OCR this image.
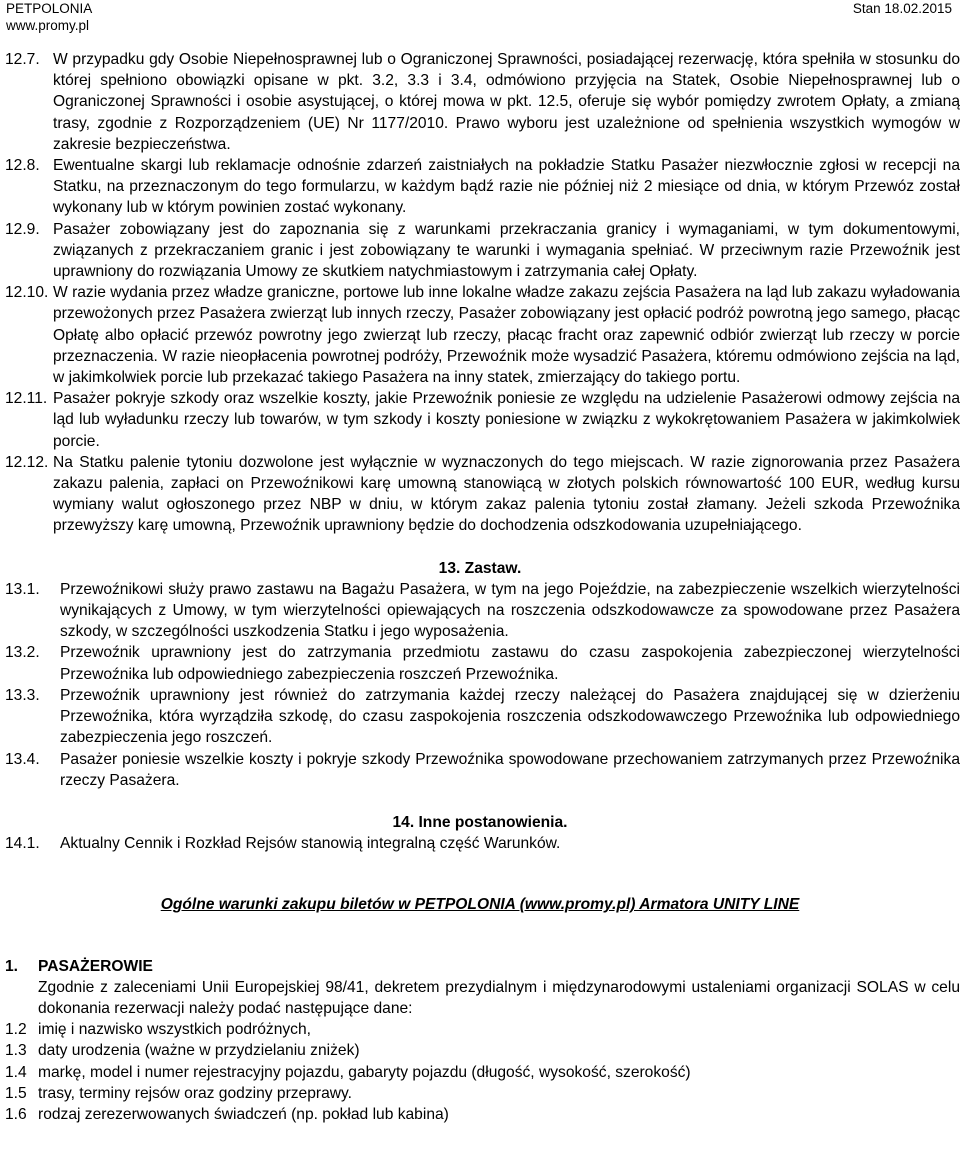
PETPOLONIA
www.promy.pl
Stan 18.02.2015
12.7. W przypadku gdy Osobie Niepełnosprawnej lub o Ograniczonej Sprawności, posiadającej rezerwację, która spełniła w stosunku do której spełniono obowiązki opisane w pkt. 3.2, 3.3 i 3.4, odmówiono przyjęcia na Statek, Osobie Niepełnosprawnej lub o Ograniczonej Sprawności i osobie asystującej, o której mowa w pkt. 12.5, oferuje się wybór pomiędzy zwrotem Opłaty, a zmianą trasy, zgodnie z Rozporządzeniem (UE) Nr 1177/2010. Prawo wyboru jest uzależnione od spełnienia wszystkich wymogów w zakresie bezpieczeństwa.
12.8. Ewentualne skargi lub reklamacje odnośnie zdarzeń zaistniałych na pokładzie Statku Pasażer niezwłocznie zgłosi w recepcji na Statku, na przeznaczonym do tego formularzu, w każdym bądź razie nie później niż 2 miesiące od dnia, w którym Przewóz został wykonany lub w którym powinien zostać wykonany.
12.9. Pasażer zobowiązany jest do zapoznania się z warunkami przekraczania granicy i wymaganiami, w tym dokumentowymi, związanych z przekraczaniem granic i jest zobowiązany te warunki i wymagania spełniać. W przeciwnym razie Przewoźnik jest uprawniony do rozwiązania Umowy ze skutkiem natychmiastowym i zatrzymania całej Opłaty.
12.10. W razie wydania przez władze graniczne, portowe lub inne lokalne władze zakazu zejścia Pasażera na ląd lub zakazu wyładowania przewożonych przez Pasażera zwierząt lub innych rzeczy, Pasażer zobowiązany jest opłacić podróż powrotną jego samego, płacąc Opłatę albo opłacić przewóz powrotny jego zwierząt lub rzeczy, płacąc fracht oraz zapewnić odbiór zwierząt lub rzeczy w porcie przeznaczenia. W razie nieopłacenia powrotnej podróży, Przewoźnik może wysadzić Pasażera, któremu odmówiono zejścia na ląd, w jakimkolwiek porcie lub przekazać takiego Pasażera na inny statek, zmierzający do takiego portu.
12.11. Pasażer pokryje szkody oraz wszelkie koszty, jakie Przewoźnik poniesie ze względu na udzielenie Pasażerowi odmowy zejścia na ląd lub wyładunku rzeczy lub towarów, w tym szkody i koszty poniesione w związku z wykokrętowaniem Pasażera w jakimkolwiek porcie.
12.12. Na Statku palenie tytoniu dozwolone jest wyłącznie w wyznaczonych do tego miejscach. W razie zignorowania przez Pasażera zakazu palenia, zapłaci on Przewoźnikowi karę umowną stanowiącą w złotych polskich równowartość 100 EUR, według kursu wymiany walut ogłoszonego przez NBP w dniu, w którym zakaz palenia tytoniu został złamany. Jeżeli szkoda Przewoźnika przewyższy karę umowną, Przewoźnik uprawniony będzie do dochodzenia odszkodowania uzupełniającego.
13. Zastaw.
13.1.	Przewoźnikowi służy prawo zastawu na Bagażu Pasażera, w tym na jego Pojeździe, na zabezpieczenie wszelkich wierzytelności wynikających z Umowy, w tym wierzytelności opiewających na roszczenia odszkodowawcze za spowodowane przez Pasażera szkody, w szczególności uszkodzenia Statku i jego wyposażenia.
13.2.	Przewoźnik uprawniony jest do zatrzymania przedmiotu zastawu do czasu zaspokojenia zabezpieczonej wierzytelności Przewoźnika lub odpowiedniego zabezpieczenia roszczeń Przewoźnika.
13.3.	Przewoźnik uprawniony jest również do zatrzymania każdej rzeczy należącej do Pasażera znajdującej się w dzierżeniu Przewoźnika, która wyrządziła szkodę, do czasu zaspokojenia roszczenia odszkodowawczego Przewoźnika lub odpowiedniego zabezpieczenia jego roszczeń.
13.4.	Pasażer poniesie wszelkie koszty i pokryje szkody Przewoźnika spowodowane przechowaniem zatrzymanych przez Przewoźnika rzeczy Pasażera.
14. Inne postanowienia.
14.1.	Aktualny Cennik i Rozkład Rejsów stanowią integralną część Warunków.
Ogólne warunki zakupu biletów w PETPOLONIA (www.promy.pl) Armatora UNITY LINE
1.	PASAŻEROWIE
Zgodnie z zaleceniami Unii Europejskiej 98/41, dekretem prezydialnym i międzynarodowymi ustaleniami organizacji SOLAS w celu dokonania rezerwacji należy podać następujące dane:
1.2 imię i nazwisko wszystkich podróżnych,
1.3 daty urodzenia (ważne w przydzielaniu zniżek)
1.4 markę, model i numer rejestracyjny pojazdu, gabaryty pojazdu (długość, wysokość, szerokość)
1.5 trasy, terminy rejsów oraz godziny przeprawy.
1.6 rodzaj zerezerwowanych świadczeń (np. pokład lub kabina)
